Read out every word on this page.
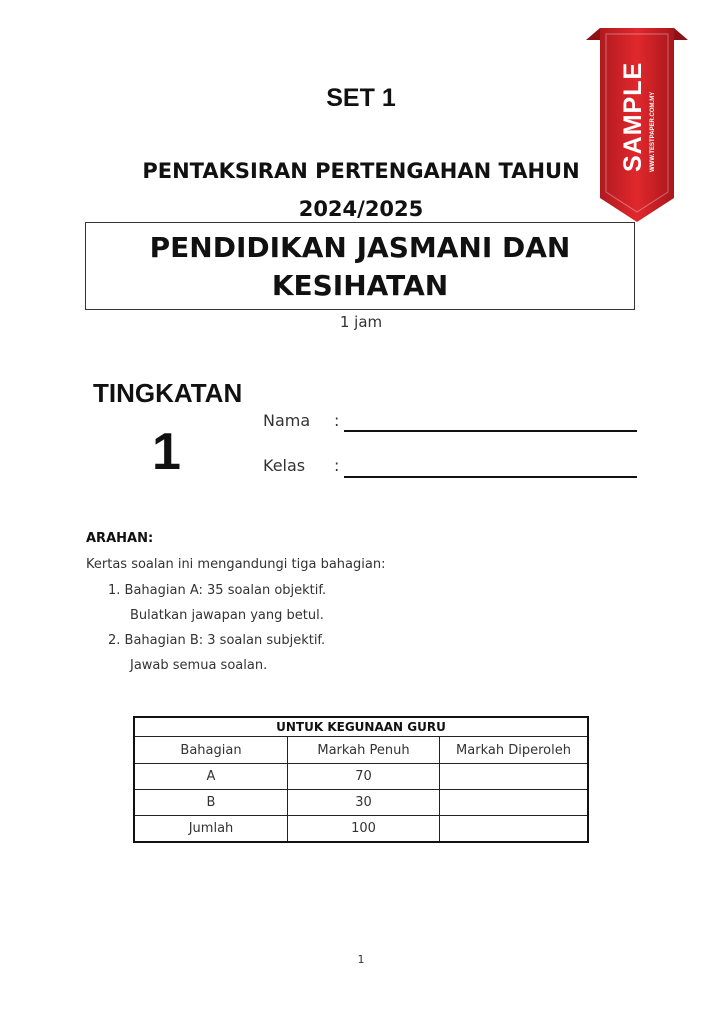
SET 1
PENTAKSIRAN PERTENGAHAN TAHUN
2024/2025
PENDIDIKAN JASMANI DAN
KESIHATAN
1 jam
TINGKATAN
1
Nama :
Kelas :
ARAHAN:
Kertas soalan ini mengandungi tiga bahagian:
1. Bahagian A: 35 soalan objektif.
Bulatkan jawapan yang betul.
2. Bahagian B: 3 soalan subjektif.
Jawab semua soalan.
UNTUK KEGUNAAN GURU		
Bahagian	Markah Penuh	Markah Diperoleh
A	70	
B	30	
Jumlah	100	
1
SAMPLE WWW.TESTPAPER.COM.MY
